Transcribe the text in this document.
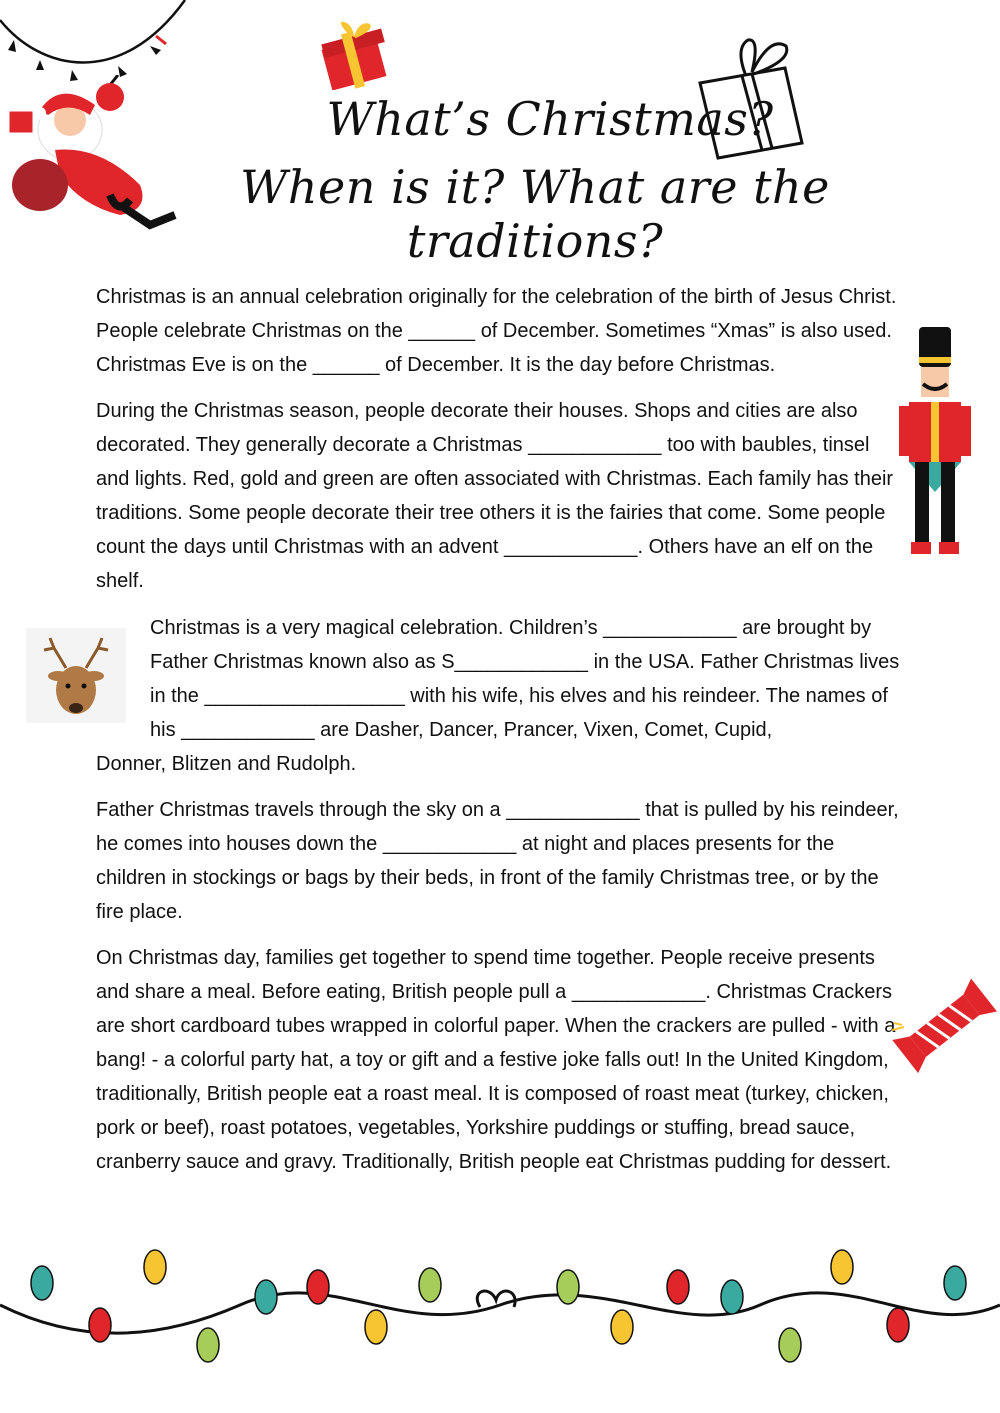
What’s Christmas?
When is it? What are the traditions?

Christmas is an annual celebration originally for the celebration of the birth of Jesus Christ. People celebrate Christmas on the ______ of December. Sometimes “Xmas” is also used. Christmas Eve is on the ______ of December. It is the day before Christmas.

During the Christmas season, people decorate their houses. Shops and cities are also decorated. They generally decorate a Christmas ____________ too with baubles, tinsel and lights. Red, gold and green are often associated with Christmas. Each family has their traditions. Some people decorate their tree others it is the fairies that come. Some people count the days until Christmas with an advent ____________. Others have an elf on the shelf.

Christmas is a very magical celebration. Children’s ____________ are brought by Father Christmas known also as S____________ in the USA. Father Christmas lives in the __________________ with his wife, his elves and his reindeer. The names of his ____________ are Dasher, Dancer, Prancer, Vixen, Comet, Cupid,

Donner, Blitzen and Rudolph.

Father Christmas travels through the sky on a ____________ that is pulled by his reindeer, he comes into houses down the ____________ at night and places presents for the children in stockings or bags by their beds, in front of the family Christmas tree, or by the fire place.

On Christmas day, families get together to spend time together. People receive presents and share a meal. Before eating, British people pull a ____________. Christmas Crackers are short cardboard tubes wrapped in colorful paper. When the crackers are pulled - with a bang! - a colorful party hat, a toy or gift and a festive joke falls out! In the United Kingdom, traditionally, British people eat a roast meal. It is composed of roast meat (turkey, chicken, pork or beef), roast potatoes, vegetables, Yorkshire puddings or stuffing, bread sauce, cranberry sauce and gravy. Traditionally, British people eat Christmas pudding for dessert.
